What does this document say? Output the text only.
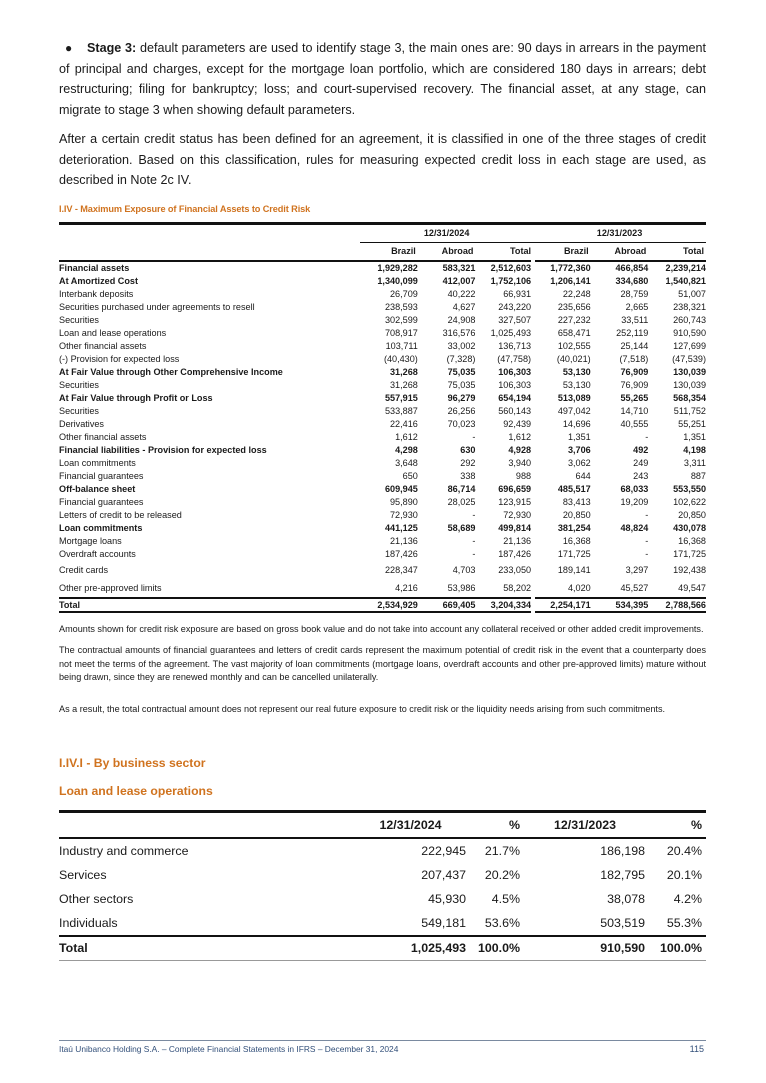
● Stage 3: default parameters are used to identify stage 3, the main ones are: 90 days in arrears in the payment of principal and charges, except for the mortgage loan portfolio, which are considered 180 days in arrears; debt restructuring; filing for bankruptcy; loss; and court-supervised recovery. The financial asset, at any stage, can migrate to stage 3 when showing default parameters.

After a certain credit status has been defined for an agreement, it is classified in one of the three stages of credit deterioration. Based on this classification, rules for measuring expected credit loss in each stage are used, as described in Note 2c IV.

I.IV - Maximum Exposure of Financial Assets to Credit Risk
	12/31/2024			12/31/2023		
	Brazil	Abroad	Total	Brazil	Abroad	Total
Financial assets	1,929,282	583,321	2,512,603	1,772,360	466,854	2,239,214
At Amortized Cost	1,340,099	412,007	1,752,106	1,206,141	334,680	1,540,821
Interbank deposits	26,709	40,222	66,931	22,248	28,759	51,007
Securities purchased under agreements to resell	238,593	4,627	243,220	235,656	2,665	238,321
Securities	302,599	24,908	327,507	227,232	33,511	260,743
Loan and lease operations	708,917	316,576	1,025,493	658,471	252,119	910,590
Other financial assets	103,711	33,002	136,713	102,555	25,144	127,699
(-) Provision for expected loss	(40,430)	(7,328)	(47,758)	(40,021)	(7,518)	(47,539)
At Fair Value through Other Comprehensive Income	31,268	75,035	106,303	53,130	76,909	130,039
Securities	31,268	75,035	106,303	53,130	76,909	130,039
At Fair Value through Profit or Loss	557,915	96,279	654,194	513,089	55,265	568,354
Securities	533,887	26,256	560,143	497,042	14,710	511,752
Derivatives	22,416	70,023	92,439	14,696	40,555	55,251
Other financial assets	1,612	-	1,612	1,351	-	1,351
Financial liabilities - Provision for expected loss	4,298	630	4,928	3,706	492	4,198
Loan commitments	3,648	292	3,940	3,062	249	3,311
Financial guarantees	650	338	988	644	243	887
Off-balance sheet	609,945	86,714	696,659	485,517	68,033	553,550
Financial guarantees	95,890	28,025	123,915	83,413	19,209	102,622
Letters of credit to be released	72,930	-	72,930	20,850	-	20,850
Loan commitments	441,125	58,689	499,814	381,254	48,824	430,078
Mortgage loans	21,136	-	21,136	16,368	-	16,368
Overdraft accounts	187,426	-	187,426	171,725	-	171,725
Credit cards	228,347	4,703	233,050	189,141	3,297	192,438
Other pre-approved limits	4,216	53,986	58,202	4,020	45,527	49,547
Total	2,534,929	669,405	3,204,334	2,254,171	534,395	2,788,566

Amounts shown for credit risk exposure are based on gross book value and do not take into account any collateral received or other added credit improvements.

The contractual amounts of financial guarantees and letters of credit cards represent the maximum potential of credit risk in the event that a counterparty does not meet the terms of the agreement. The vast majority of loan commitments (mortgage loans, overdraft accounts and other pre-approved limits) mature without being drawn, since they are renewed monthly and can be cancelled unilaterally.

As a result, the total contractual amount does not represent our real future exposure to credit risk or the liquidity needs arising from such commitments.

I.IV.I - By business sector
Loan and lease operations
	12/31/2024	%	12/31/2023	%
Industry and commerce	222,945	21.7%	186,198	20.4%
Services	207,437	20.2%	182,795	20.1%
Other sectors	45,930	4.5%	38,078	4.2%
Individuals	549,181	53.6%	503,519	55.3%
Total	1,025,493	100.0%	910,590	100.0%
Itaú Unibanco Holding S.A. – Complete Financial Statements in IFRS – December 31, 2024	115
